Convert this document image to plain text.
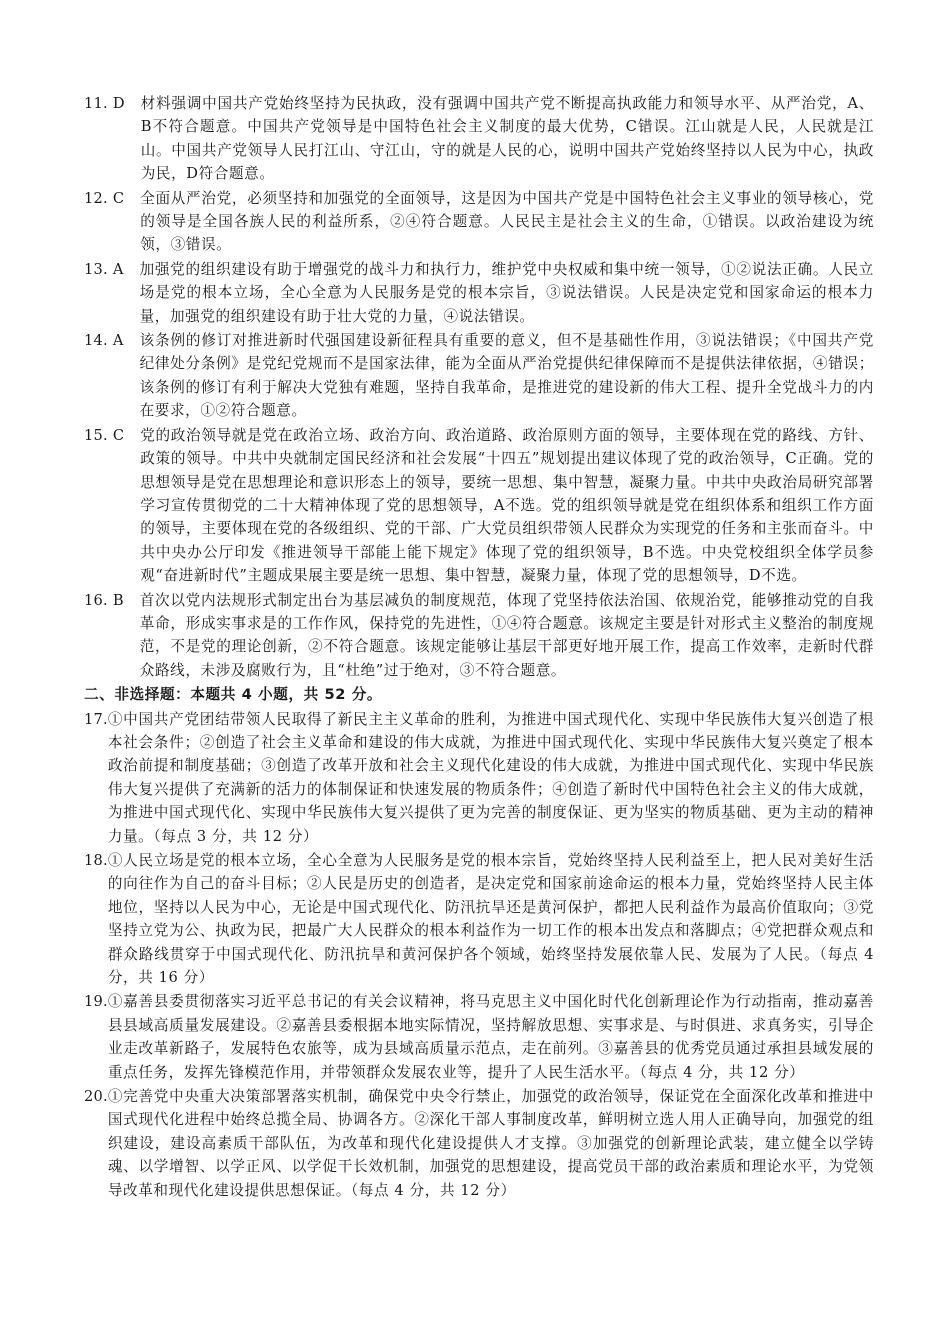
11. D	材料强调中国共产党始终坚持为民执政，没有强调中国共产党不断提高执政能力和领导水平、从严治党，A、B不符合题意。中国共产党领导是中国特色社会主义制度的最大优势，C错误。江山就是人民，人民就是江山。中国共产党领导人民打江山、守江山，守的就是人民的心，说明中国共产党始终坚持以人民为中心，执政为民，D符合题意。
12. C	全面从严治党，必须坚持和加强党的全面领导，这是因为中国共产党是中国特色社会主义事业的领导核心，党的领导是全国各族人民的利益所系，②④符合题意。人民民主是社会主义的生命，①错误。以政治建设为统领，③错误。
13. A	加强党的组织建设有助于增强党的战斗力和执行力，维护党中央权威和集中统一领导，①②说法正确。人民立场是党的根本立场，全心全意为人民服务是党的根本宗旨，③说法错误。人民是决定党和国家命运的根本力量，加强党的组织建设有助于壮大党的力量，④说法错误。
14. A	该条例的修订对推进新时代强国建设新征程具有重要的意义，但不是基础性作用，③说法错误；《中国共产党纪律处分条例》是党纪党规而不是国家法律，能为全面从严治党提供纪律保障而不是提供法律依据，④错误；该条例的修订有利于解决大党独有难题，坚持自我革命，是推进党的建设新的伟大工程、提升全党战斗力的内在要求，①②符合题意。
15. C	党的政治领导就是党在政治立场、政治方向、政治道路、政治原则方面的领导，主要体现在党的路线、方针、政策的领导。中共中央就制定国民经济和社会发展“十四五”规划提出建议体现了党的政治领导，C正确。党的思想领导是党在思想理论和意识形态上的领导，要统一思想、集中智慧，凝聚力量。中共中央政治局研究部署学习宣传贯彻党的二十大精神体现了党的思想领导，A不选。党的组织领导就是党在组织体系和组织工作方面的领导，主要体现在党的各级组织、党的干部、广大党员组织带领人民群众为实现党的任务和主张而奋斗。中共中央办公厅印发《推进领导干部能上能下规定》体现了党的组织领导，B不选。中央党校组织全体学员参观“奋进新时代”主题成果展主要是统一思想、集中智慧，凝聚力量，体现了党的思想领导，D不选。
16. B	首次以党内法规形式制定出台为基层减负的制度规范，体现了党坚持依法治国、依规治党，能够推动党的自我革命，形成实事求是的工作作风，保持党的先进性，①④符合题意。该规定主要是针对形式主义整治的制度规范，不是党的理论创新，②不符合题意。该规定能够让基层干部更好地开展工作，提高工作效率，走新时代群众路线，未涉及腐败行为，且“杜绝”过于绝对，③不符合题意。
二、非选择题：本题共 4 小题，共 52 分。
17. ①中国共产党团结带领人民取得了新民主主义革命的胜利，为推进中国式现代化、实现中华民族伟大复兴创造了根本社会条件；②创造了社会主义革命和建设的伟大成就，为推进中国式现代化、实现中华民族伟大复兴奠定了根本政治前提和制度基础；③创造了改革开放和社会主义现代化建设的伟大成就，为推进中国式现代化、实现中华民族伟大复兴提供了充满新的活力的体制保证和快速发展的物质条件；④创造了新时代中国特色社会主义的伟大成就，为推进中国式现代化、实现中华民族伟大复兴提供了更为完善的制度保证、更为坚实的物质基础、更为主动的精神力量。（每点 3 分，共 12 分）
18. ①人民立场是党的根本立场，全心全意为人民服务是党的根本宗旨，党始终坚持人民利益至上，把人民对美好生活的向往作为自己的奋斗目标；②人民是历史的创造者，是决定党和国家前途命运的根本力量，党始终坚持人民主体地位，坚持以人民为中心，无论是中国式现代化、防汛抗旱还是黄河保护，都把人民利益作为最高价值取向；③党坚持立党为公、执政为民，把最广大人民群众的根本利益作为一切工作的根本出发点和落脚点；④党把群众观点和群众路线贯穿于中国式现代化、防汛抗旱和黄河保护各个领域，始终坚持发展依靠人民、发展为了人民。（每点 4 分，共 16 分）
19. ①嘉善县委贯彻落实习近平总书记的有关会议精神，将马克思主义中国化时代化创新理论作为行动指南，推动嘉善县县域高质量发展建设。②嘉善县委根据本地实际情况，坚持解放思想、实事求是、与时俱进、求真务实，引导企业走改革新路子，发展特色农旅等，成为县域高质量示范点，走在前列。③嘉善县的优秀党员通过承担县域发展的重点任务，发挥先锋模范作用，并带领群众发展农业等，提升了人民生活水平。（每点 4 分，共 12 分）
20. ①完善党中央重大决策部署落实机制，确保党中央令行禁止，加强党的政治领导，保证党在全面深化改革和推进中国式现代化进程中始终总揽全局、协调各方。②深化干部人事制度改革，鲜明树立选人用人正确导向，加强党的组织建设，建设高素质干部队伍，为改革和现代化建设提供人才支撑。③加强党的创新理论武装，建立健全以学铸魂、以学增智、以学正风、以学促干长效机制，加强党的思想建设，提高党员干部的政治素质和理论水平，为党领导改革和现代化建设提供思想保证。（每点 4 分，共 12 分）
